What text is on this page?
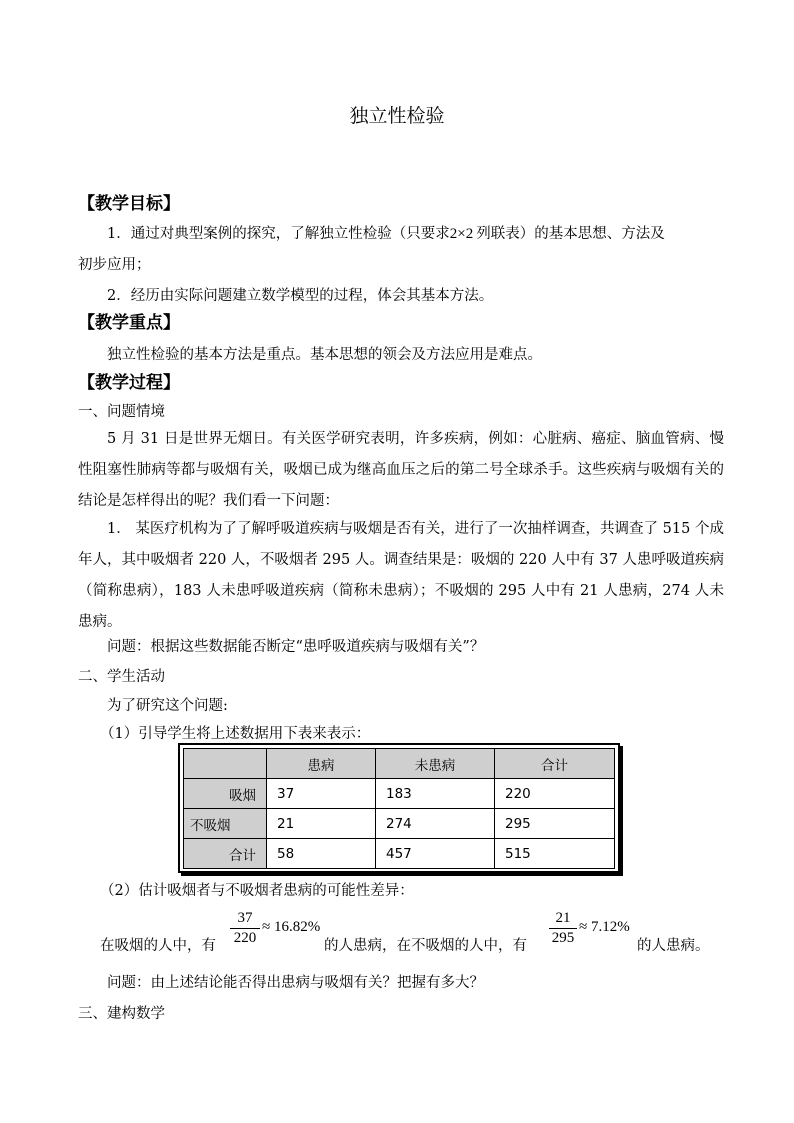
独立性检验
【教学目标】
1．通过对典型案例的探究，了解独立性检验（只要求2×2 列联表）的基本思想、方法及
初步应用；
2．经历由实际问题建立数学模型的过程，体会其基本方法。
【教学重点】
独立性检验的基本方法是重点。基本思想的领会及方法应用是难点。
【教学过程】
一、问题情境
5 月 31 日是世界无烟日。有关医学研究表明，许多疾病，例如：心脏病、癌症、脑血管病、慢性阻塞性肺病等都与吸烟有关，吸烟已成为继高血压之后的第二号全球杀手。这些疾病与吸烟有关的结论是怎样得出的呢？我们看一下问题：
1． 某医疗机构为了了解呼吸道疾病与吸烟是否有关，进行了一次抽样调查，共调查了 515 个成年人，其中吸烟者 220 人，不吸烟者 295 人。调查结果是：吸烟的 220 人中有 37 人患呼吸道疾病（简称患病），183 人未患呼吸道疾病（简称未患病）；不吸烟的 295 人中有 21 人患病，274 人未患病。
问题：根据这些数据能否断定“患呼吸道疾病与吸烟有关”？
二、学生活动
为了研究这个问题:
（1）引导学生将上述数据用下表来表示：
	患病	未患病	合计
吸烟	37	183	220
不吸烟	21	274	295
合计	58	457	515
（2）估计吸烟者与不吸烟者患病的可能性差异：
在吸烟的人中，有 $\frac{37}{220} \approx 16.82\%$
的人患病，在不吸烟的人中，有 $\frac{21}{295} \approx 7.12\%$
的人患病。
问题：由上述结论能否得出患病与吸烟有关？把握有多大？
三、建构数学
